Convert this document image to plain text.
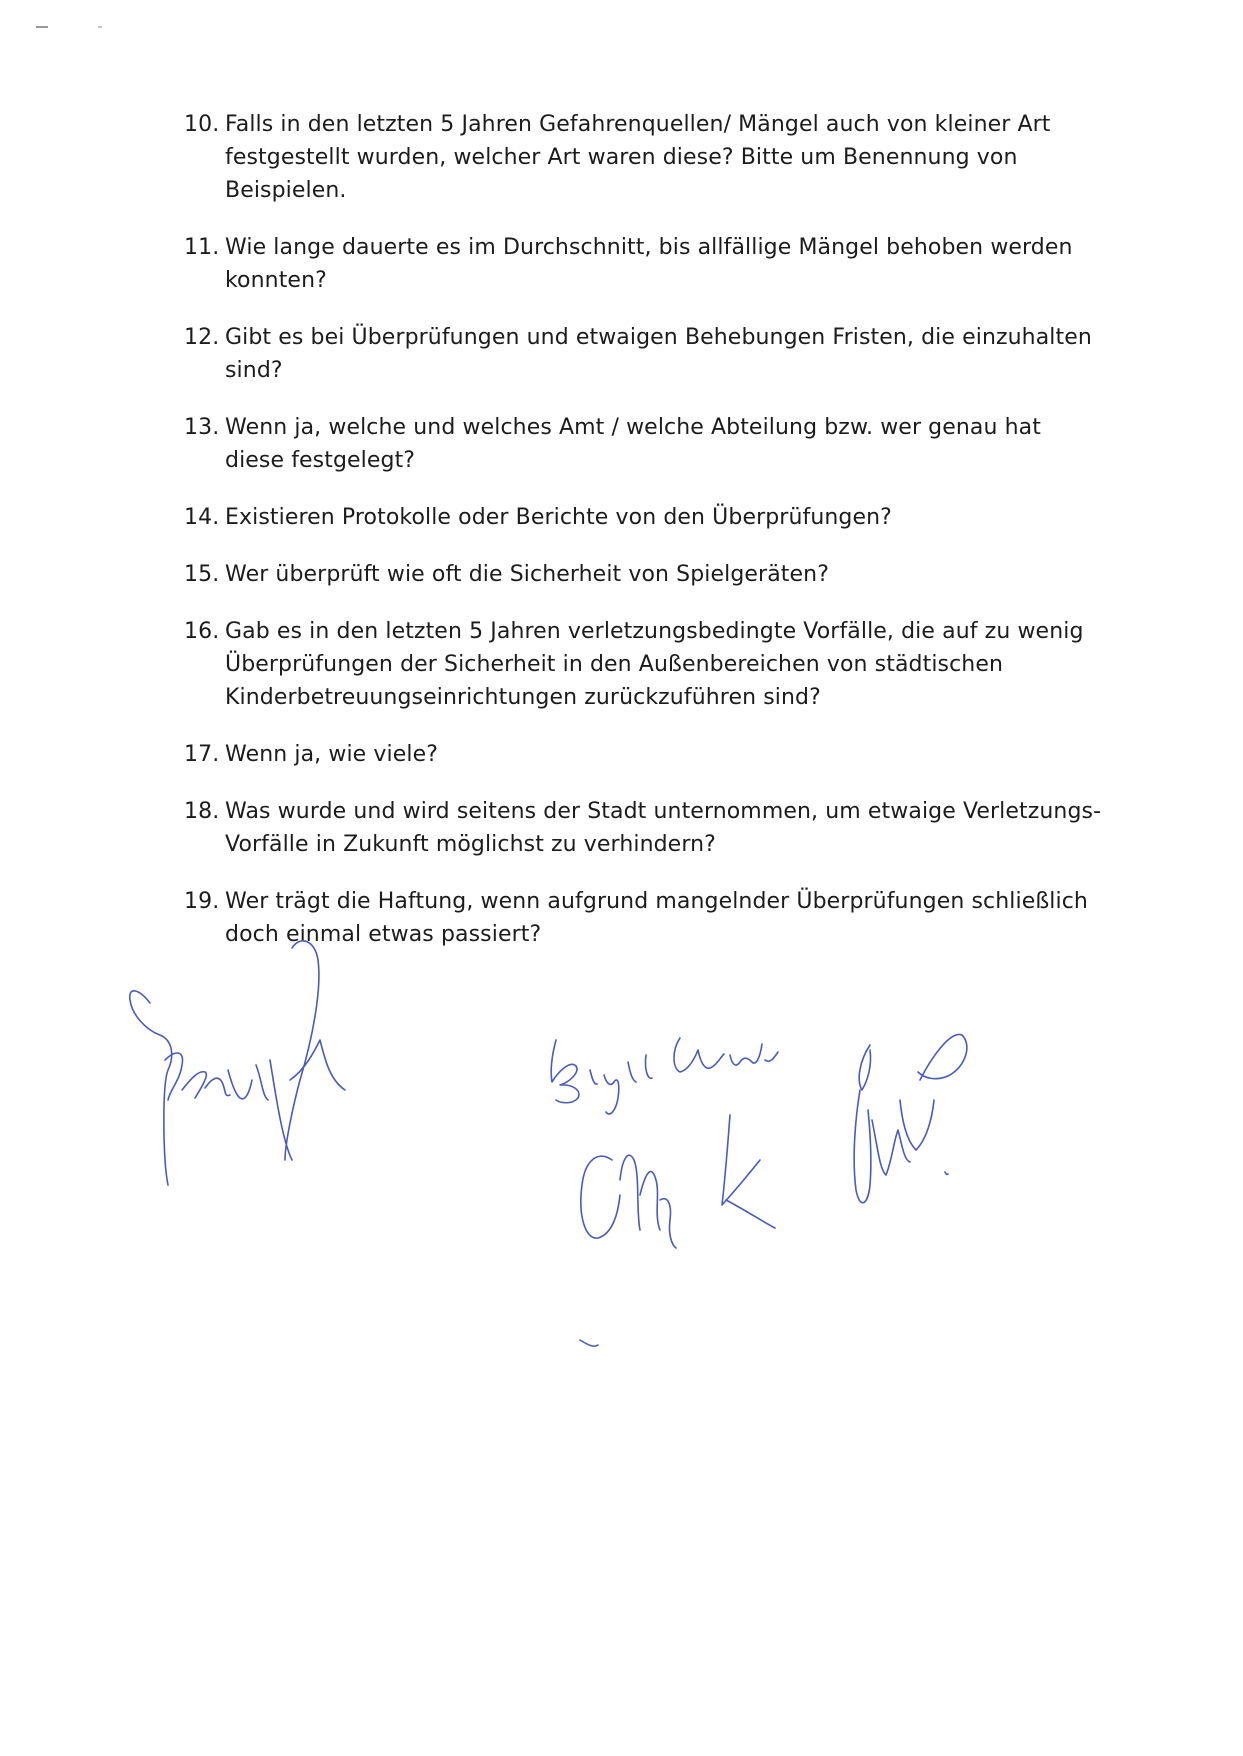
10. Falls in den letzten 5 Jahren Gefahrenquellen/ Mängel auch von kleiner Art festgestellt wurden, welcher Art waren diese? Bitte um Benennung von Beispielen.
11. Wie lange dauerte es im Durchschnitt, bis allfällige Mängel behoben werden konnten?
12. Gibt es bei Überprüfungen und etwaigen Behebungen Fristen, die einzuhalten sind?
13. Wenn ja, welche und welches Amt / welche Abteilung bzw. wer genau hat diese festgelegt?
14. Existieren Protokolle oder Berichte von den Überprüfungen?
15. Wer überprüft wie oft die Sicherheit von Spielgeräten?
16. Gab es in den letzten 5 Jahren verletzungsbedingte Vorfälle, die auf zu wenig Überprüfungen der Sicherheit in den Außenbereichen von städtischen Kinderbetreuungseinrichtungen zurückzuführen sind?
17. Wenn ja, wie viele?
18. Was wurde und wird seitens der Stadt unternommen, um etwaige Verletzungs-Vorfälle in Zukunft möglichst zu verhindern?
19. Wer trägt die Haftung, wenn aufgrund mangelnder Überprüfungen schließlich doch einmal etwas passiert?
